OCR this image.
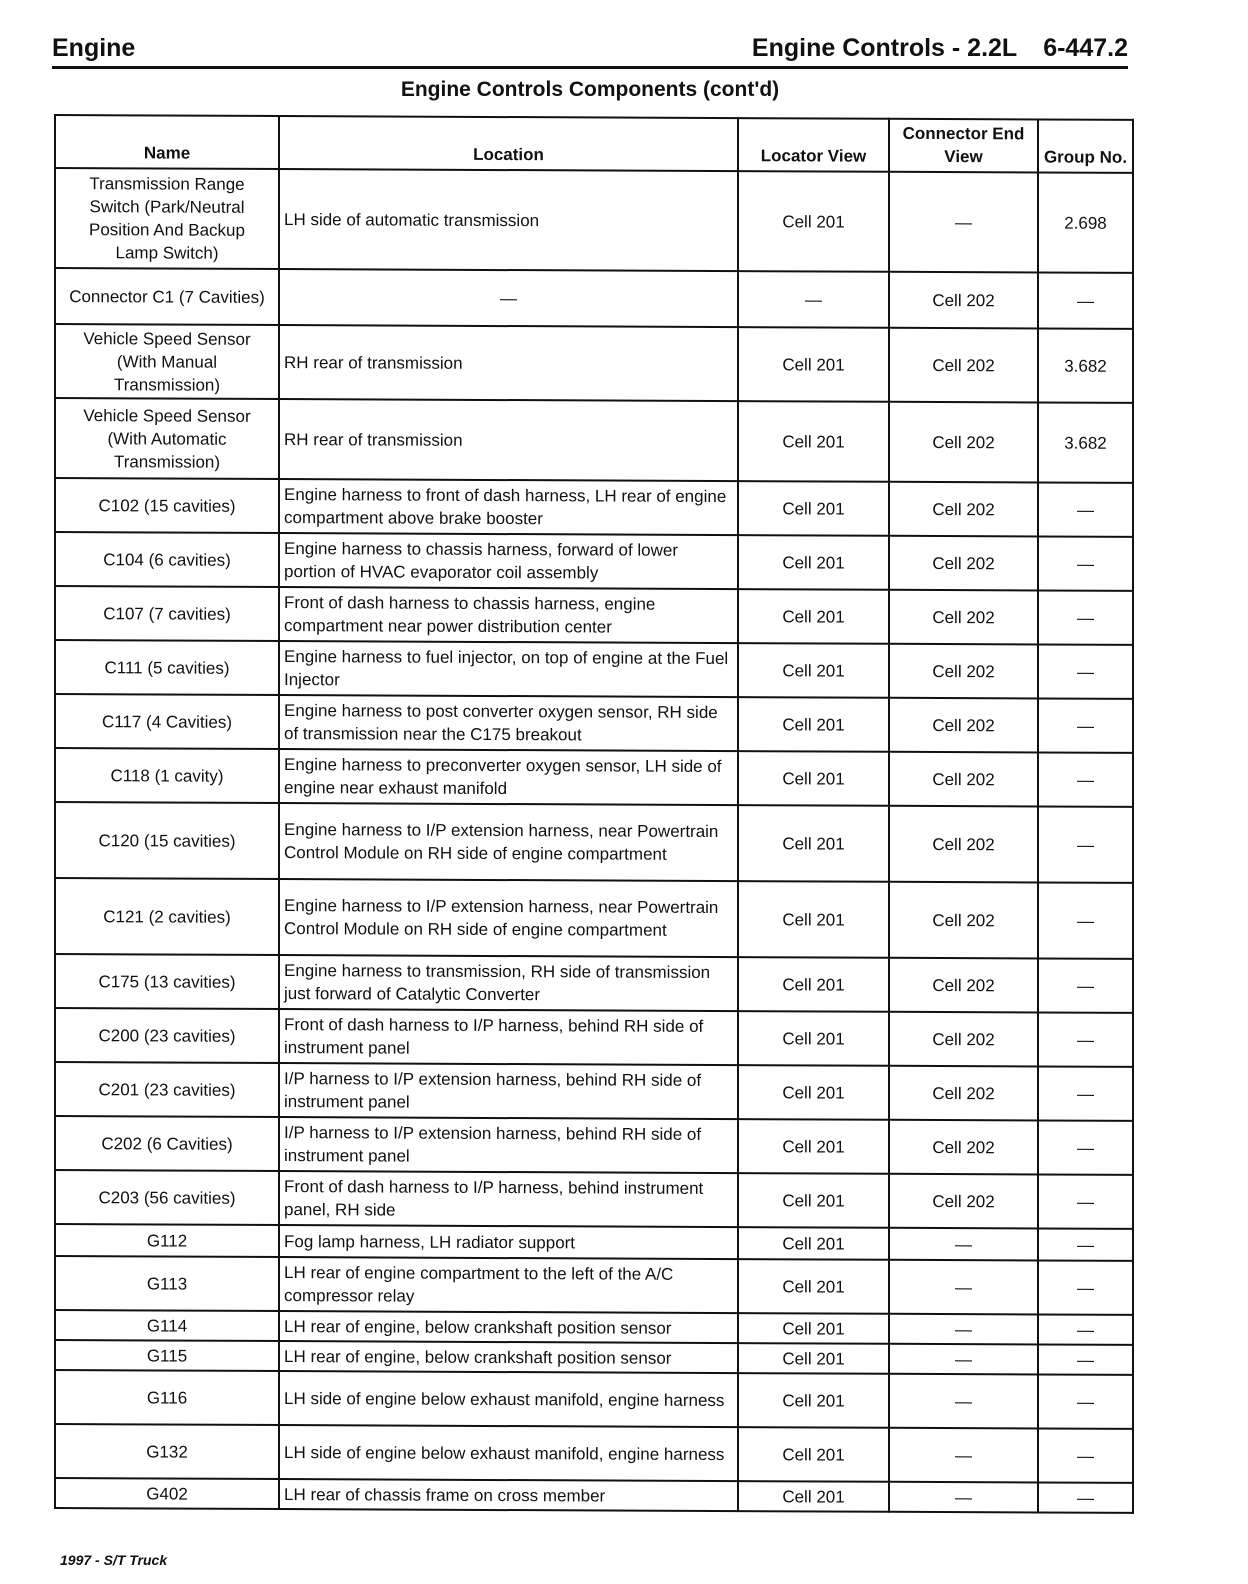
Engine	Engine Controls - 2.2L 6-447.2
Engine Controls Components (cont'd)
Name	Location	Locator View	Connector End View	Group No.
Transmission Range Switch (Park/Neutral Position And Backup Lamp Switch)	LH side of automatic transmission	Cell 201	—	2.698
Connector C1 (7 Cavities)	—	—	Cell 202	—
Vehicle Speed Sensor (With Manual Transmission)	RH rear of transmission	Cell 201	Cell 202	3.682
Vehicle Speed Sensor (With Automatic Transmission)	RH rear of transmission	Cell 201	Cell 202	3.682
C102 (15 cavities)	Engine harness to front of dash harness, LH rear of engine compartment above brake booster	Cell 201	Cell 202	—
C104 (6 cavities)	Engine harness to chassis harness, forward of lower portion of HVAC evaporator coil assembly	Cell 201	Cell 202	—
C107 (7 cavities)	Front of dash harness to chassis harness, engine compartment near power distribution center	Cell 201	Cell 202	—
C111 (5 cavities)	Engine harness to fuel injector, on top of engine at the Fuel Injector	Cell 201	Cell 202	—
C117 (4 Cavities)	Engine harness to post converter oxygen sensor, RH side of transmission near the C175 breakout	Cell 201	Cell 202	—
C118 (1 cavity)	Engine harness to preconverter oxygen sensor, LH side of engine near exhaust manifold	Cell 201	Cell 202	—
C120 (15 cavities)	Engine harness to I/P extension harness, near Powertrain Control Module on RH side of engine compartment	Cell 201	Cell 202	—
C121 (2 cavities)	Engine harness to I/P extension harness, near Powertrain Control Module on RH side of engine compartment	Cell 201	Cell 202	—
C175 (13 cavities)	Engine harness to transmission, RH side of transmission just forward of Catalytic Converter	Cell 201	Cell 202	—
C200 (23 cavities)	Front of dash harness to I/P harness, behind RH side of instrument panel	Cell 201	Cell 202	—
C201 (23 cavities)	I/P harness to I/P extension harness, behind RH side of instrument panel	Cell 201	Cell 202	—
C202 (6 Cavities)	I/P harness to I/P extension harness, behind RH side of instrument panel	Cell 201	Cell 202	—
C203 (56 cavities)	Front of dash harness to I/P harness, behind instrument panel, RH side	Cell 201	Cell 202	—
G112	Fog lamp harness, LH radiator support	Cell 201	—	—
G113	LH rear of engine compartment to the left of the A/C compressor relay	Cell 201	—	—
G114	LH rear of engine, below crankshaft position sensor	Cell 201	—	—
G115	LH rear of engine, below crankshaft position sensor	Cell 201	—	—
G116	LH side of engine below exhaust manifold, engine harness	Cell 201	—	—
G132	LH side of engine below exhaust manifold, engine harness	Cell 201	—	—
G402	LH rear of chassis frame on cross member	Cell 201	—	—
1997 - S/T Truck
